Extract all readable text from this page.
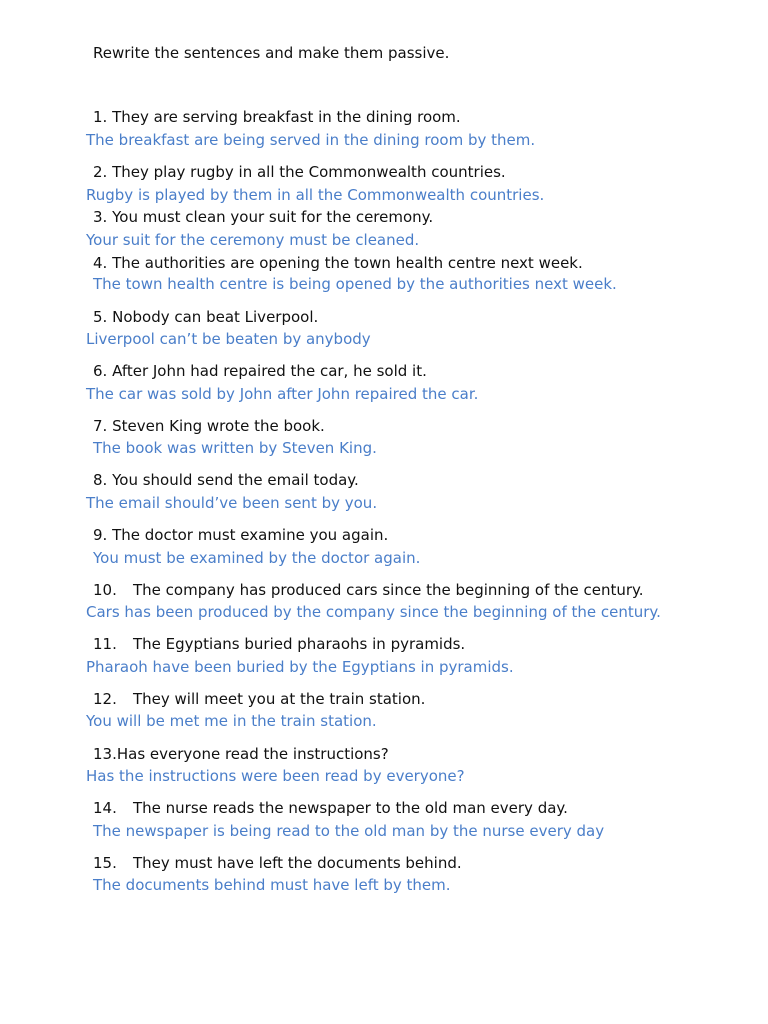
Rewrite the sentences and make them passive.
1. They are serving breakfast in the dining room.
The breakfast are being served in the dining room by them.
2. They play rugby in all the Commonwealth countries.
Rugby is played by them in all the Commonwealth countries.
3. You must clean your suit for the ceremony.
Your suit for the ceremony must be cleaned.
4. The authorities are opening the town health centre next week.
The town health centre is being opened by the authorities next week.
5. Nobody can beat Liverpool.
Liverpool can’t be beaten by anybody
6. After John had repaired the car, he sold it.
The car was sold by John after John repaired the car.
7. Steven King wrote the book.
The book was written by Steven King.
8. You should send the email today.
The email should’ve been sent by you.
9. The doctor must examine you again.
You must be examined by the doctor again.
10. The company has produced cars since the beginning of the century.
Cars has been produced by the company since the beginning of the century.
11. The Egyptians buried pharaohs in pyramids.
Pharaoh have been buried by the Egyptians in pyramids.
12. They will meet you at the train station.
You will be met me in the train station.
13.Has everyone read the instructions?
Has the instructions were been read by everyone?
14. The nurse reads the newspaper to the old man every day.
The newspaper is being read to the old man by the nurse every day
15. They must have left the documents behind.
The documents behind must have left by them.
